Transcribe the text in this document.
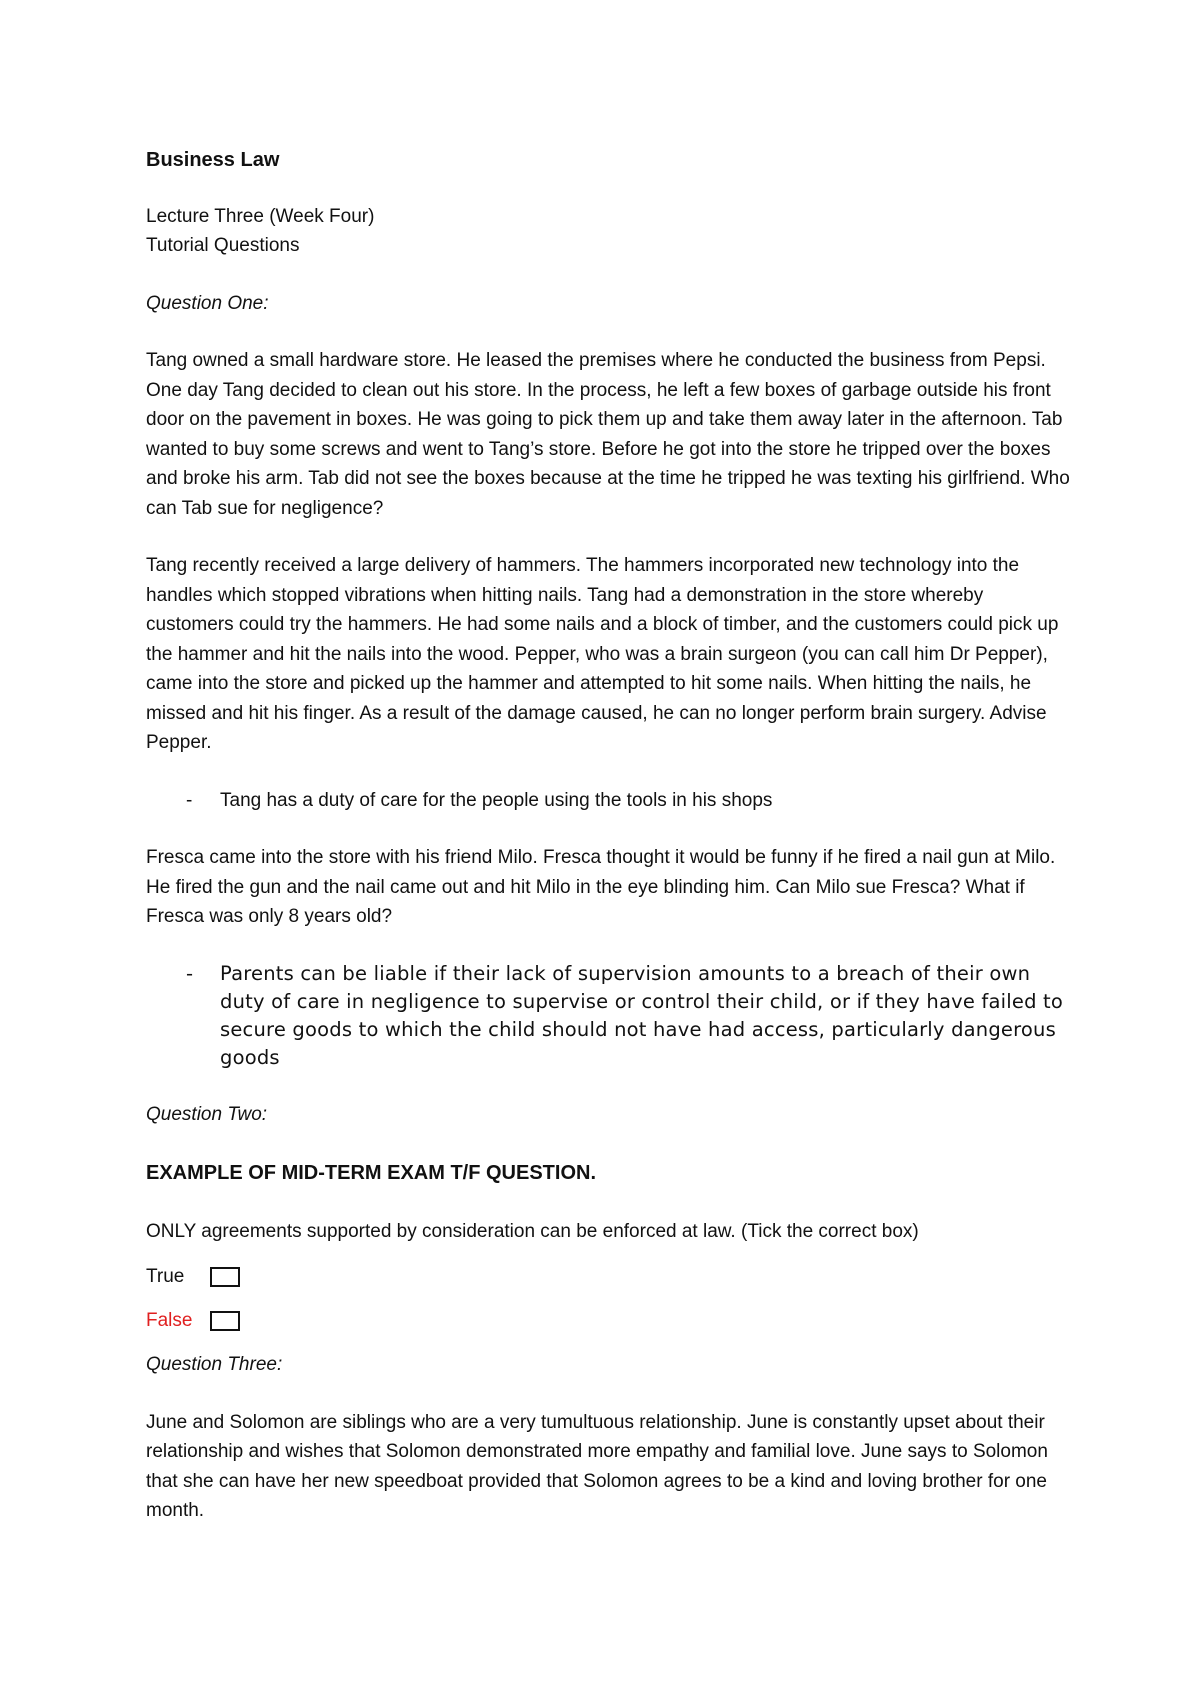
Business Law

Lecture Three (Week Four)

Tutorial Questions

Question One:

Tang owned a small hardware store. He leased the premises where he conducted the business from Pepsi. One day Tang decided to clean out his store. In the process, he left a few boxes of garbage outside his front door on the pavement in boxes. He was going to pick them up and take them away later in the afternoon. Tab wanted to buy some screws and went to Tang’s store. Before he got into the store he tripped over the boxes and broke his arm. Tab did not see the boxes because at the time he tripped he was texting his girlfriend. Who can Tab sue for negligence?

Tang recently received a large delivery of hammers. The hammers incorporated new technology into the handles which stopped vibrations when hitting nails. Tang had a demonstration in the store whereby customers could try the hammers. He had some nails and a block of timber, and the customers could pick up the hammer and hit the nails into the wood. Pepper, who was a brain surgeon (you can call him Dr Pepper), came into the store and picked up the hammer and attempted to hit some nails. When hitting the nails, he missed and hit his finger. As a result of the damage caused, he can no longer perform brain surgery. Advise Pepper.

-	Tang has a duty of care for the people using the tools in his shops

Fresca came into the store with his friend Milo. Fresca thought it would be funny if he fired a nail gun at Milo. He fired the gun and the nail came out and hit Milo in the eye blinding him. Can Milo sue Fresca? What if Fresca was only 8 years old?

-	Parents can be liable if their lack of supervision amounts to a breach of their own duty of care in negligence to supervise or control their child, or if they have failed to secure goods to which the child should not have had access, particularly dangerous goods

Question Two:

EXAMPLE OF MID-TERM EXAM T/F QUESTION.

ONLY agreements supported by consideration can be enforced at law. (Tick the correct box)

True
False

Question Three:

June and Solomon are siblings who are a very tumultuous relationship. June is constantly upset about their relationship and wishes that Solomon demonstrated more empathy and familial love. June says to Solomon that she can have her new speedboat provided that Solomon agrees to be a kind and loving brother for one month.
